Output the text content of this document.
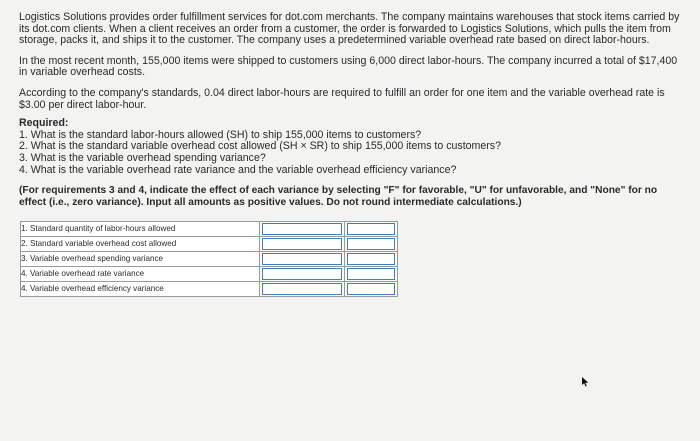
Logistics Solutions provides order fulfillment services for dot.com merchants. The company maintains warehouses that stock items carried by its dot.com clients. When a client receives an order from a customer, the order is forwarded to Logistics Solutions, which pulls the item from storage, packs it, and ships it to the customer. The company uses a predetermined variable overhead rate based on direct labor-hours.

In the most recent month, 155,000 items were shipped to customers using 6,000 direct labor-hours. The company incurred a total of $17,400 in variable overhead costs.

According to the company's standards, 0.04 direct labor-hours are required to fulfill an order for one item and the variable overhead rate is $3.00 per direct labor-hour.

Required:
1. What is the standard labor-hours allowed (SH) to ship 155,000 items to customers?
2. What is the standard variable overhead cost allowed (SH × SR) to ship 155,000 items to customers?
3. What is the variable overhead spending variance?
4. What is the variable overhead rate variance and the variable overhead efficiency variance?
(For requirements 3 and 4, indicate the effect of each variance by selecting "F" for favorable, "U" for unfavorable, and "None" for no effect (i.e., zero variance). Input all amounts as positive values. Do not round intermediate calculations.)
1. Standard quantity of labor-hours allowed	

2. Standard variable overhead cost allowed	

3. Variable overhead spending variance	

4. Variable overhead rate variance	

4. Variable overhead efficiency variance	
